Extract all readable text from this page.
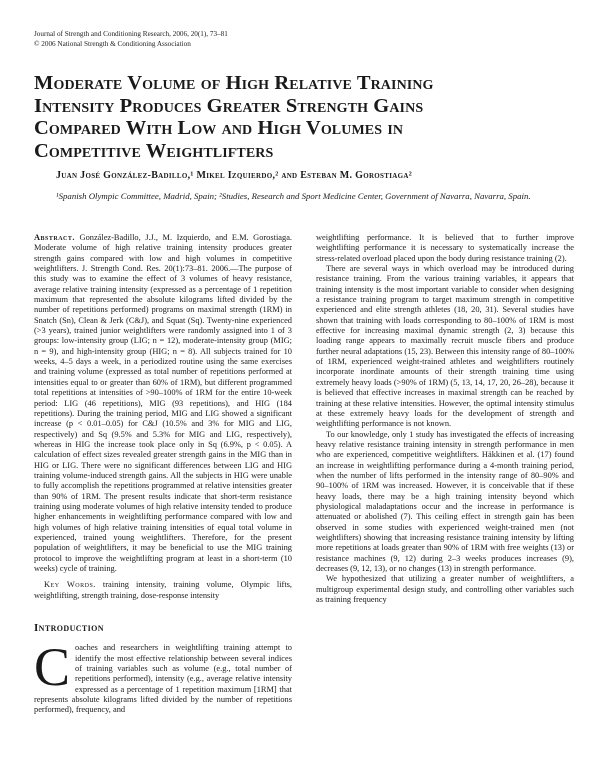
Journal of Strength and Conditioning Research, 2006, 20(1), 73–81
© 2006 National Strength & Conditioning Association
Moderate Volume of High Relative Training
Intensity Produces Greater Strength Gains
Compared With Low and High Volumes in
Competitive Weightlifters
Juan José González-Badillo,¹ Mikel Izquierdo,² and Esteban M. Gorostiaga²
¹Spanish Olympic Committee, Madrid, Spain; ²Studies, Research and Sport Medicine Center, Government of Navarra, Navarra, Spain.

Abstract. González-Badillo, J.J., M. Izquierdo, and E.M. Gorostiaga. Moderate volume of high relative training intensity produces greater strength gains compared with low and high volumes in competitive weightlifters. J. Strength Cond. Res. 20(1):73–81. 2006.—The purpose of this study was to examine the effect of 3 volumes of heavy resistance, average relative training intensity (expressed as a percentage of 1 repetition maximum that represented the absolute kilograms lifted divided by the number of repetitions performed) programs on maximal strength (1RM) in Snatch (Sn), Clean & Jerk (C&J), and Squat (Sq). Twenty-nine experienced (>3 years), trained junior weightlifters were randomly assigned into 1 of 3 groups: low-intensity group (LIG; n = 12), moderate-intensity group (MIG; n = 9), and high-intensity group (HIG; n = 8). All subjects trained for 10 weeks, 4–5 days a week, in a periodized routine using the same exercises and training volume (expressed as total number of repetitions performed at intensities equal to or greater than 60% of 1RM), but different programmed total repetitions at intensities of >90–100% of 1RM for the entire 10-week period: LIG (46 repetitions), MIG (93 repetitions), and HIG (184 repetitions). During the training period, MIG and LIG showed a significant increase (p < 0.01–0.05) for C&J (10.5% and 3% for MIG and LIG, respectively) and Sq (9.5% and 5.3% for MIG and LIG, respectively), whereas in HIG the increase took place only in Sq (6.9%, p < 0.05). A calculation of effect sizes revealed greater strength gains in the MIG than in HIG or LIG. There were no significant differences between LIG and HIG training volume-induced strength gains. All the subjects in HIG were unable to fully accomplish the repetitions programmed at relative intensities greater than 90% of 1RM. The present results indicate that short-term resistance training using moderate volumes of high relative intensity tended to produce higher enhancements in weightlifting performance compared with low and high volumes of high relative training intensities of equal total volume in experienced, trained young weightlifters. Therefore, for the present population of weightlifters, it may be beneficial to use the MIG training protocol to improve the weightlifting program at least in a short-term (10 weeks) cycle of training.

Key Words. training intensity, training volume, Olympic lifts, weightlifting, strength training, dose-response intensity

Introduction

Coaches and researchers in weightlifting training attempt to identify the most effective relationship between several indices of training variables such as volume (e.g., total number of repetitions performed), intensity (e.g., average relative intensity expressed as a percentage of 1 repetition maximum [1RM] that represents absolute kilograms lifted divided by the number of repetitions performed), frequency, and

weightlifting performance. It is believed that to further improve weightlifting performance it is necessary to systematically increase the stress-related overload placed upon the body during resistance training (2).

There are several ways in which overload may be introduced during resistance training. From the various training variables, it appears that training intensity is the most important variable to consider when designing a resistance training program to target maximum strength in competitive experienced and elite strength athletes (18, 20, 31). Several studies have shown that training with loads corresponding to 80–100% of 1RM is most effective for increasing maximal dynamic strength (2, 3) because this loading range appears to maximally recruit muscle fibers and produce further neural adaptations (15, 23). Between this intensity range of 80–100% of 1RM, experienced weight-trained athletes and weightlifters routinely incorporate inordinate amounts of their strength training time using extremely heavy loads (>90% of 1RM) (5, 13, 14, 17, 20, 26–28), because it is believed that effective increases in maximal strength can be reached by training at these relative intensities. However, the optimal intensity stimulus at these extremely heavy loads for the development of strength and weightlifting performance is not known.

To our knowledge, only 1 study has investigated the effects of increasing heavy relative resistance training intensity in strength performance in men who are experienced, competitive weightlifters. Häkkinen et al. (17) found an increase in weightlifting performance during a 4-month training period, when the number of lifts performed in the intensity range of 80–90% and 90–100% of 1RM was increased. However, it is conceivable that if these heavy loads, there may be a high training intensity beyond which physiological maladaptations occur and the increase in performance is attenuated or abolished (7). This ceiling effect in strength gain has been observed in some studies with experienced weight-trained men (not weightlifters) showing that increasing resistance training intensity by lifting more repetitions at loads greater than 90% of 1RM with free weights (13) or resistance machines (9, 12) during 2–3 weeks produces increases (9), decreases (9, 12, 13), or no changes (13) in strength performance.

We hypothesized that utilizing a greater number of weightlifters, a multigroup experimental design study, and controlling other variables such as training frequency
